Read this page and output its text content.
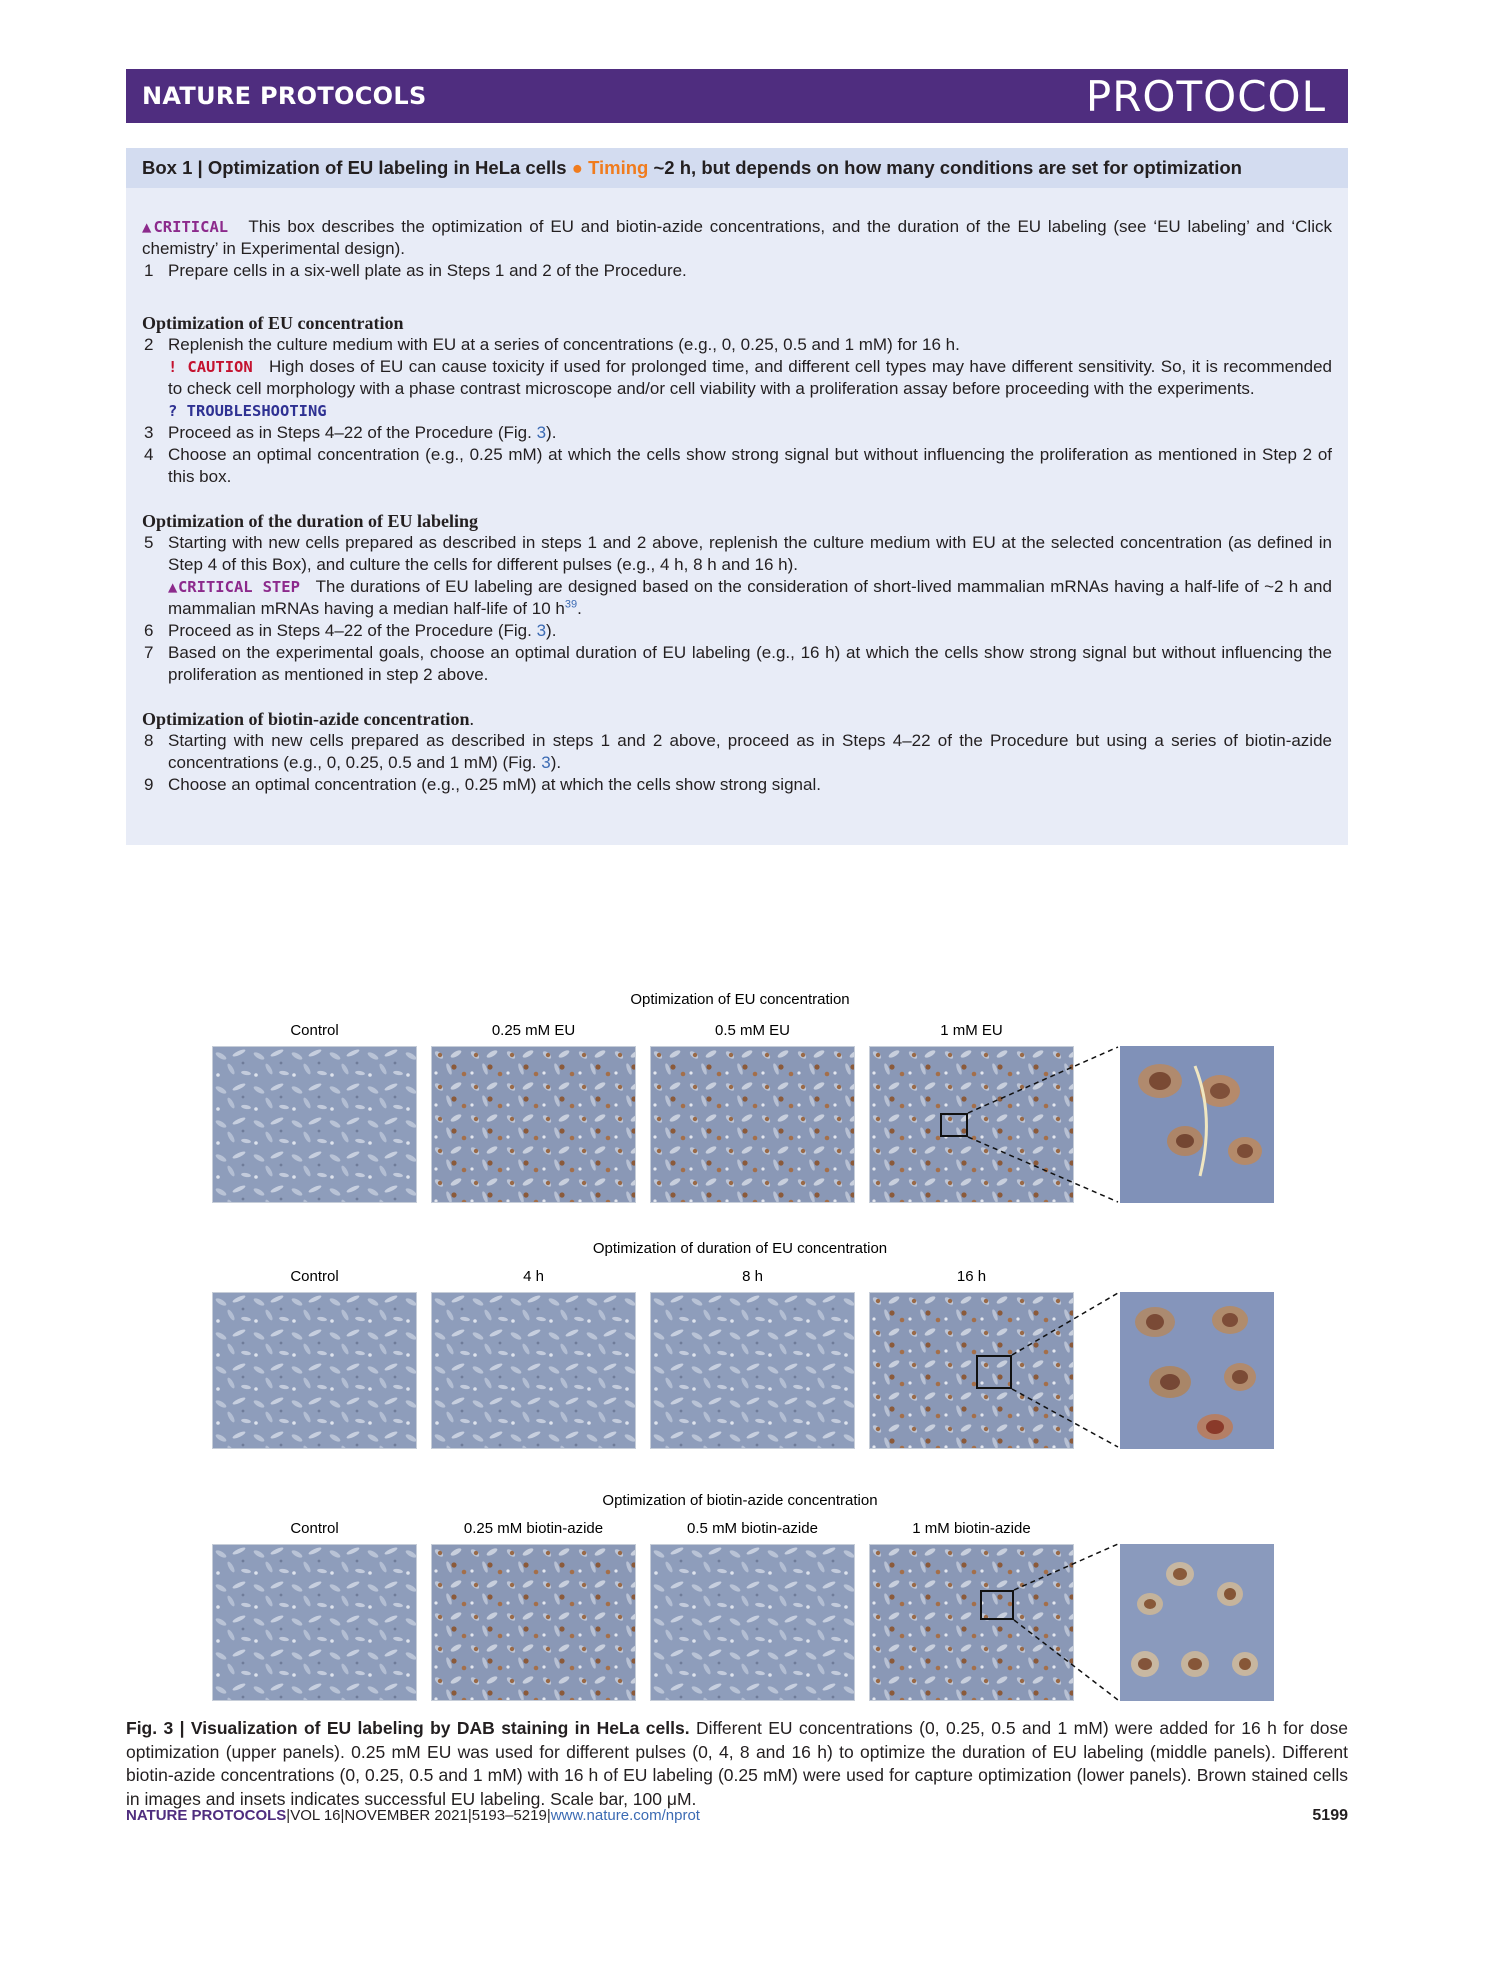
NATURE PROTOCOLS	PROTOCOL
Box 1 | Optimization of EU labeling in HeLa cells ● Timing ~2 h, but depends on how many conditions are set for optimization

▲CRITICAL This box describes the optimization of EU and biotin-azide concentrations, and the duration of the EU labeling (see ‘EU labeling’ and ‘Click chemistry’ in Experimental design).

1 Prepare cells in a six-well plate as in Steps 1 and 2 of the Procedure.

Optimization of EU concentration

2 Replenish the culture medium with EU at a series of concentrations (e.g., 0, 0.25, 0.5 and 1 mM) for 16 h.
! CAUTION High doses of EU can cause toxicity if used for prolonged time, and different cell types may have different sensitivity. So, it is recommended to check cell morphology with a phase contrast microscope and/or cell viability with a proliferation assay before proceeding with the experiments.
? TROUBLESHOOTING
3 Proceed as in Steps 4–22 of the Procedure (Fig. 3).
4 Choose an optimal concentration (e.g., 0.25 mM) at which the cells show strong signal but without influencing the proliferation as mentioned in Step 2 of this box.

Optimization of the duration of EU labeling

5 Starting with new cells prepared as described in steps 1 and 2 above, replenish the culture medium with EU at the selected concentration (as defined in Step 4 of this Box), and culture the cells for different pulses (e.g., 4 h, 8 h and 16 h).
▲CRITICAL STEP The durations of EU labeling are designed based on the consideration of short-lived mammalian mRNAs having a half-life of ~2 h and mammalian mRNAs having a median half-life of 10 h$^{39}$.
6 Proceed as in Steps 4–22 of the Procedure (Fig. 3).
7 Based on the experimental goals, choose an optimal duration of EU labeling (e.g., 16 h) at which the cells show strong signal but without influencing the proliferation as mentioned in step 2 above.

Optimization of biotin-azide concentration.

8 Starting with new cells prepared as described in steps 1 and 2 above, proceed as in Steps 4–22 of the Procedure but using a series of biotin-azide concentrations (e.g., 0, 0.25, 0.5 and 1 mM) (Fig. 3).
9 Choose an optimal concentration (e.g., 0.25 mM) at which the cells show strong signal.
Optimization of EU concentration
Control	0.25 mM EU	0.5 mM EU	1 mM EU
Optimization of duration of EU concentration
Control	4 h	8 h	16 h
Optimization of biotin-azide concentration
Control	0.25 mM biotin-azide	0.5 mM biotin-azide	1 mM biotin-azide
Fig. 3 | Visualization of EU labeling by DAB staining in HeLa cells. Different EU concentrations (0, 0.25, 0.5 and 1 mM) were added for 16 h for dose optimization (upper panels). 0.25 mM EU was used for different pulses (0, 4, 8 and 16 h) to optimize the duration of EU labeling (middle panels). Different biotin-azide concentrations (0, 0.25, 0.5 and 1 mM) with 16 h of EU labeling (0.25 mM) were used for capture optimization (lower panels). Brown stained cells in images and insets indicates successful EU labeling. Scale bar, 100 μM.
NATURE PROTOCOLS|VOL 16|NOVEMBER 2021|5193–5219|www.nature.com/nprot	5199
